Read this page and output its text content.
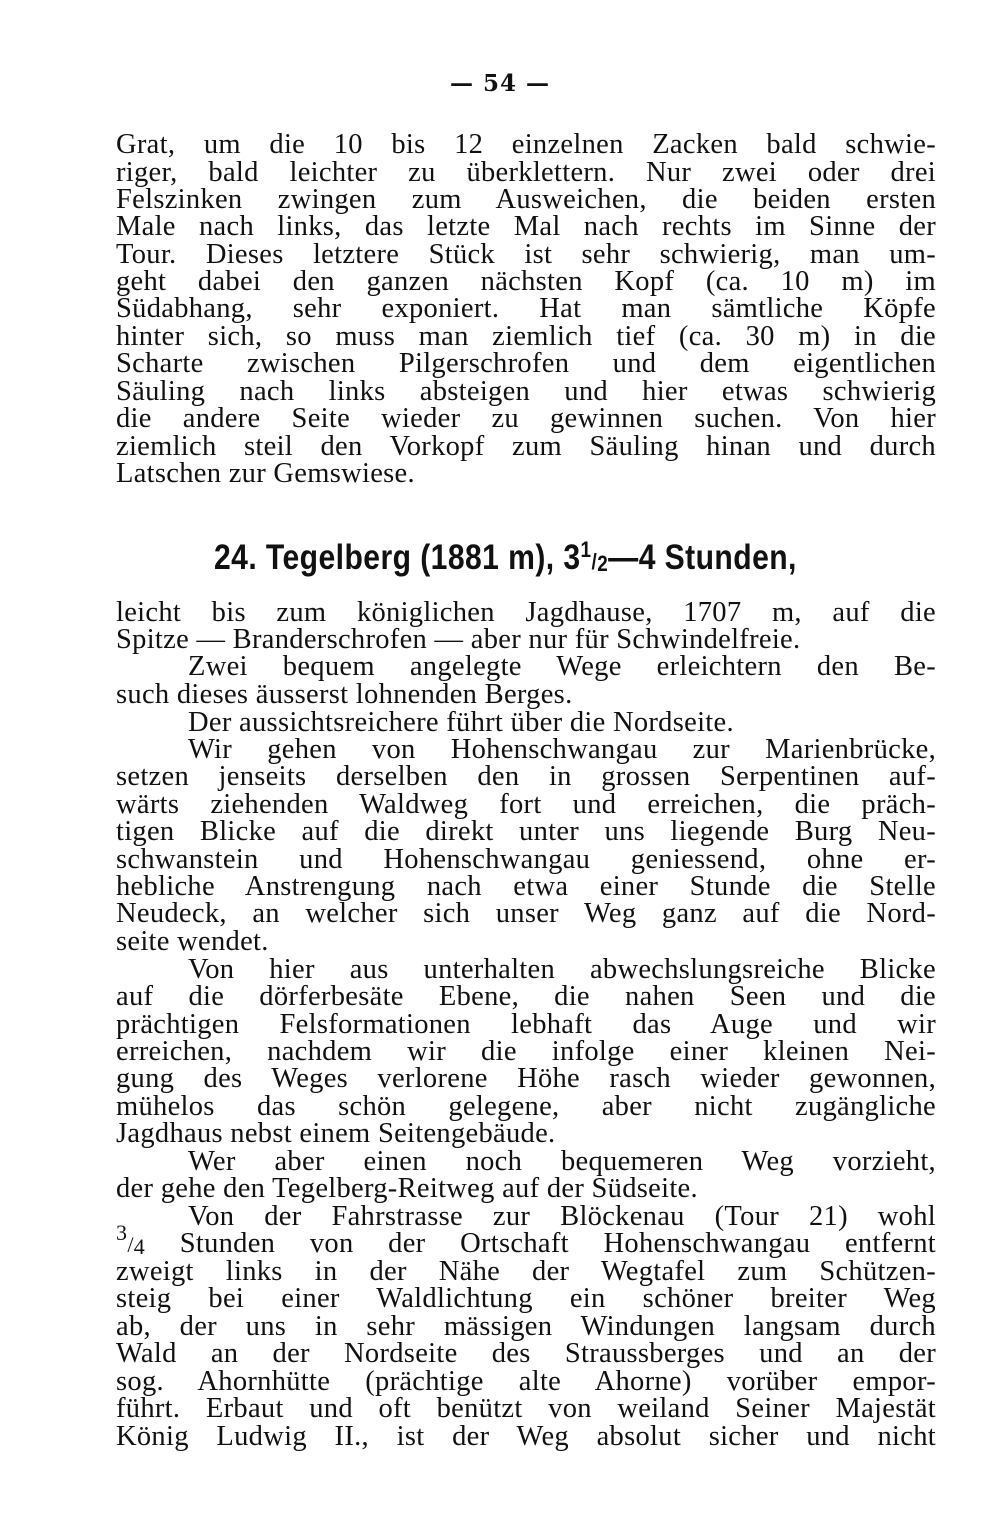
— 54 —
Grat, um die 10 bis 12 einzelnen Zacken bald schwie-
riger, bald leichter zu überklettern. Nur zwei oder drei
Felszinken zwingen zum Ausweichen, die beiden ersten
Male nach links, das letzte Mal nach rechts im Sinne der
Tour. Dieses letztere Stück ist sehr schwierig, man um-
geht dabei den ganzen nächsten Kopf (ca. 10 m) im
Südabhang, sehr exponiert. Hat man sämtliche Köpfe
hinter sich, so muss man ziemlich tief (ca. 30 m) in die
Scharte zwischen Pilgerschrofen und dem eigentlichen
Säuling nach links absteigen und hier etwas schwierig
die andere Seite wieder zu gewinnen suchen. Von hier
ziemlich steil den Vorkopf zum Säuling hinan und durch
Latschen zur Gemswiese.
24. Tegelberg (1881 m), 31/2—4 Stunden,
leicht bis zum königlichen Jagdhause, 1707 m, auf die
Spitze — Branderschrofen — aber nur für Schwindelfreie.
Zwei bequem angelegte Wege erleichtern den Be-
such dieses äusserst lohnenden Berges.
Der aussichtsreichere führt über die Nordseite.
Wir gehen von Hohenschwangau zur Marienbrücke,
setzen jenseits derselben den in grossen Serpentinen auf-
wärts ziehenden Waldweg fort und erreichen, die präch-
tigen Blicke auf die direkt unter uns liegende Burg Neu-
schwanstein und Hohenschwangau geniessend, ohne er-
hebliche Anstrengung nach etwa einer Stunde die Stelle
Neudeck, an welcher sich unser Weg ganz auf die Nord-
seite wendet.
Von hier aus unterhalten abwechslungsreiche Blicke
auf die dörferbesäte Ebene, die nahen Seen und die
prächtigen Felsformationen lebhaft das Auge und wir
erreichen, nachdem wir die infolge einer kleinen Nei-
gung des Weges verlorene Höhe rasch wieder gewonnen,
mühelos das schön gelegene, aber nicht zugängliche
Jagdhaus nebst einem Seitengebäude.
Wer aber einen noch bequemeren Weg vorzieht,
der gehe den Tegelberg-Reitweg auf der Südseite.
Von der Fahrstrasse zur Blöckenau (Tour 21) wohl
3/4 Stunden von der Ortschaft Hohenschwangau entfernt
zweigt links in der Nähe der Wegtafel zum Schützen-
steig bei einer Waldlichtung ein schöner breiter Weg
ab, der uns in sehr mässigen Windungen langsam durch
Wald an der Nordseite des Straussberges und an der
sog. Ahornhütte (prächtige alte Ahorne) vorüber empor-
führt. Erbaut und oft benützt von weiland Seiner Majestät
König Ludwig II., ist der Weg absolut sicher und nicht
